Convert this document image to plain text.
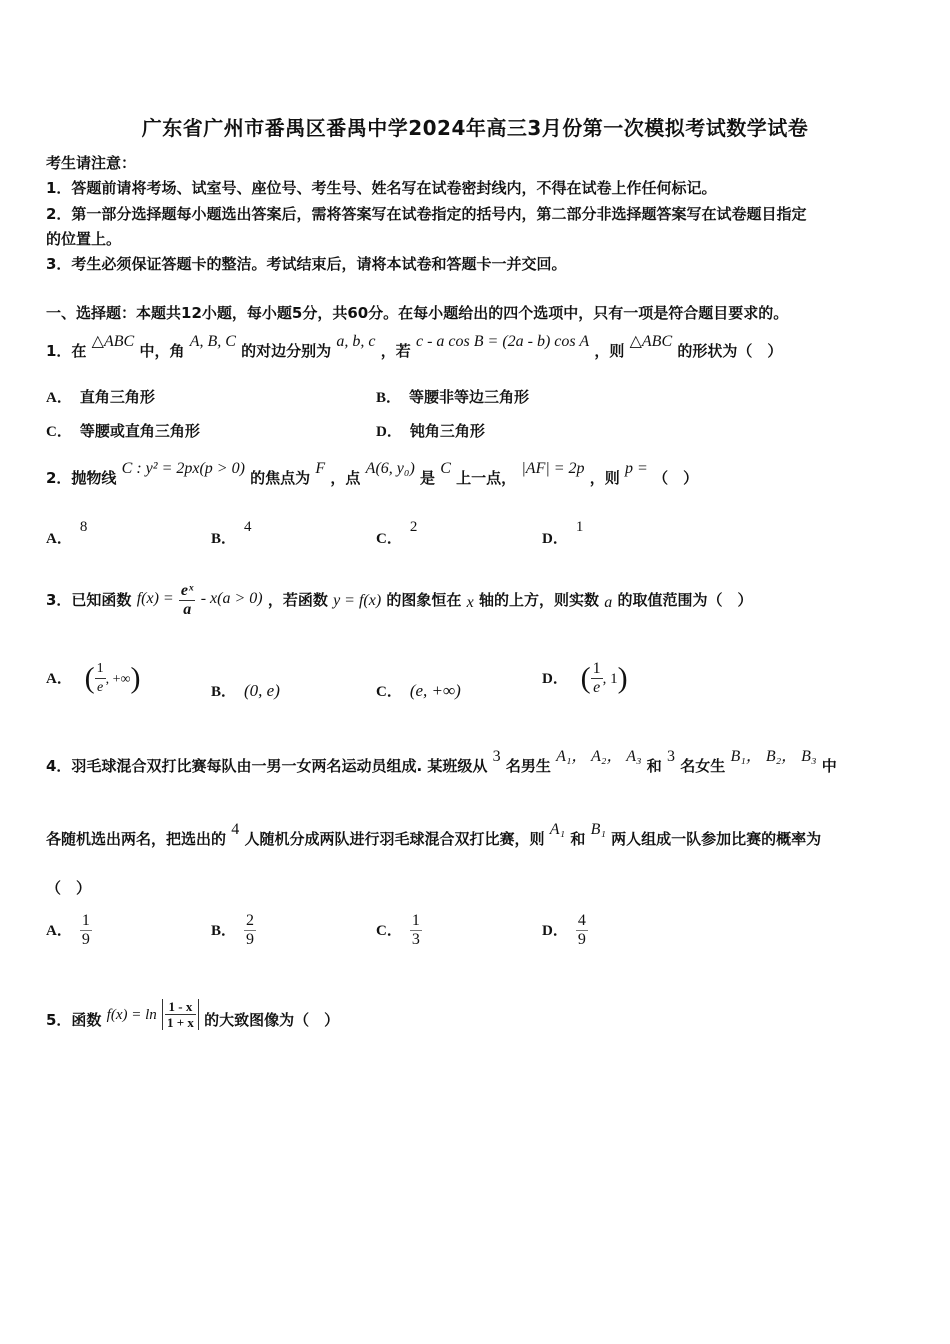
广东省广州市番禺区番禺中学2024年高三3月份第一次模拟考试数学试卷
考生请注意：
1．答题前请将考场、试室号、座位号、考生号、姓名写在试卷密封线内，不得在试卷上作任何标记。
2．第一部分选择题每小题选出答案后，需将答案写在试卷指定的括号内，第二部分非选择题答案写在试卷题目指定
的位置上。
3．考生必须保证答题卡的整洁。考试结束后，请将本试卷和答题卡一并交回。
一、选择题：本题共12小题，每小题5分，共60分。在每小题给出的四个选项中，只有一项是符合题目要求的。
1．在 △ABC 中，角 A, B, C 的对边分别为 a, b, c ，若 c - a cos B = (2a - b) cos A ，则 △ABC 的形状为（　）
A． 直角三角形	B． 等腰非等边三角形
C． 等腰或直角三角形	D． 钝角三角形
2．抛物线 C : y² = 2px(p > 0) 的焦点为 F ，点 A(6, y₀) 是 C 上一点， |AF| = 2p ，则 p = （　）
A．8
B．4
C．2
D．1
3．已知函数 $f(x) = \frac{\text{eˣ}}{a} - x(a > 0)$ ，若函数 y = f(x) 的图象恒在 x 轴的上方，则实数 a 的取值范围为（　）
A． ( $\frac{1}{e}$ , +∞)	B． (0, e)	C． (e, +∞)
D． ( $\frac{1}{e}$ , 1)
4．羽毛球混合双打比赛每队由一男一女两名运动员组成. 某班级从 3 名男生 A₁， A₂， A₃ 和 3 名女生 B₁， B₂， B₃ 中
各随机选出两名，把选出的 4 人随机分成两队进行羽毛球混合双打比赛，则 A₁ 和 B₁ 两人组成一队参加比赛的概率为
（　）
A． $\frac{1}{9}$	B． $\frac{2}{9}$	C． $\frac{1}{3}$	D． $\frac{4}{9}$
5．函数 $f(x) = \ln \frac{1 - x}{1 + x}$ 的大致图像为（　）
